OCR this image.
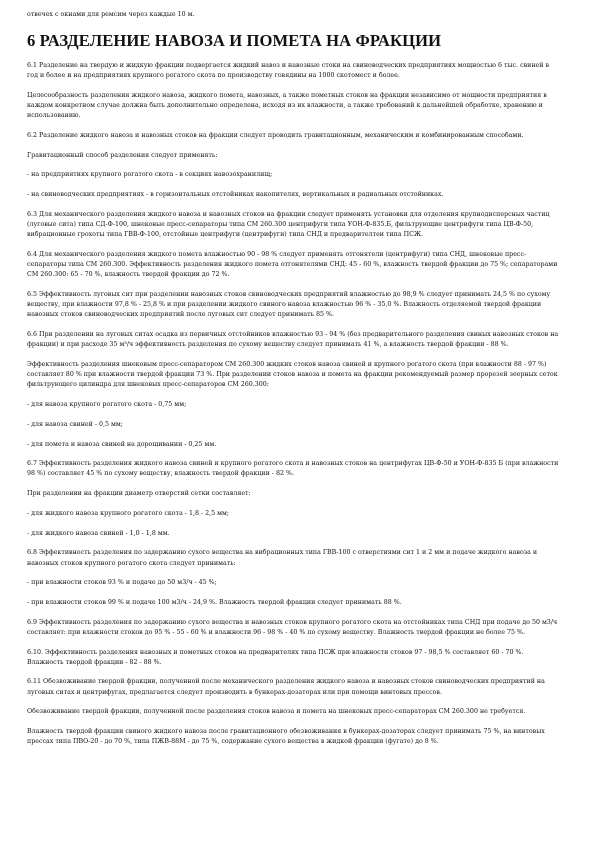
отвечех с окнами для ремсим через каждые 10 м.
6 РАЗДЕЛЕНИЕ НАВОЗА И ПОМЕТА НА ФРАКЦИИ
6.1 Разделение на твердую и жидкую фракции подвергается жидкий навоз и навозные стоки на свиноводческих предприятиях мощностью 6 тыс. свиней в год и более и на предприятиях крупного рогатого скота по производству говядины на 1000 скотомест и более.
Целесообразность разделения жидкого навоза, жидкого помета, навозных, а также пометных стоков на фракции независимо от мощности предприятия в каждом конкретном случае должна быть дополнительно определена, исходя из их влажности, а также требований к дальнейшей обработке, хранению и использованию.
6.2 Разделение жидкого навоза и навозных стоков на фракции следует проводить гравитационным, механическим и комбинированным способами.
Гравитационный способ разделения следует применять:
- на предприятиях крупного рогатого скота - в секциях навозохранилищ;
- на свиноводческих предприятиях - в горизонтальных отстойниках накопителях, вертикальных и радиальных отстойниках.
6.3 Для механического разделения жидкого навоза и навозных стоков на фракции следует применять установки для отделения крупнодисперсных частиц (луговые сита) типа СД-Ф-100, шнековые пресс-сепараторы типа СМ 260.300 центрифуги типа УОН-Ф-835.Б, фильтрующие центрифуги типа ЦВ-Ф-50, вибрационные грохоты типа ГВВ-Ф-100, отстойные центрифуги (центрифуги) типа СНД и предварителтеи типа ПСЖ.
6.4 Для механического разделения жидкого помета влажностью 90 - 98 % следует применять отгонятели (центрифуги) типа СНД, шнековые пресс-сепараторы типа СМ 260.300. Эффективность разделения жидкого помета отгонятелями СНД: 45 - 60 %, влажность твердой фракции до 75 %; сепараторами СМ 260.300: 65 - 70 %, влажность твердой фракции до 72 %.
6.5 Эффективность луговых сит при разделении навозных стоков свиноводческих предприятий влажностью до 98,9 % следует принимать 24,5 % по сухому веществу, при влажности 97,8 % - 25,8 % и при разделении жидкого свиного навоза влажностью 96 % - 35,0 %. Влажность отделяемой твердой фракции навозных стоков свиноводческих предприятий после луговых сит следует принимать 85 %.
6.6 При разделении на луговых ситах осадка из первичных отстойников влажностью 93 - 94 % (без предварительного разделения свиных навозных стоков на фракции) и при расходе 35 м³/ч эффективность разделения по сухому веществу следует принимать 41 %, а влажность твердой фракции - 88 %.
Эффективность разделения шнековым пресс-сепаратором СМ 260.300 жидких стоков навоза свиней и крупного рогатого скота (при влажности 88 - 97 %) составляет 80 % при влажности твердой фракции 73 %. При разделении стоков навоза и помета на фракции рекомендуемый размер прорезей зеерных сеток фильтрующего цилиндра для шнековых пресс-сепараторов СМ 260.300:
- для навоза крупного рогатого скота - 0,75 мм;
- для навоза свиней - 0,5 мм;
- для помета и навоза свиней на дорощивании - 0,25 мм.
6.7 Эффективность разделения жидкого навоза свиней и крупного рогатого скота и навозных стоков на центрифугах ЦВ-Ф-50 и УОН-Ф-835 Б (при влажности 98 %) составляет 45 % по сухому веществу, влажность твердой фракции - 82 %.
При разделении на фракции диаметр отверстий сетки составляет:
- для жидкого навоза крупного рогатого скота - 1,8 - 2,5 мм;
- для жидкого навоза свиней - 1,0 - 1,8 мм.
6.8 Эффективность разделения по задержанию сухого вещества на вибрационных типа ГВВ-100 с отверстиями сит 1 и 2 мм и подаче жидкого навоза и навозных стоков крупного рогатого скота следует принимать:
- при влажности стоков 93 % и подаче до 50 м3/ч - 45 %;
- при влажности стоков 99 % и подаче 100 м3/ч - 24,9 %. Влажность твердой фракции следует принимать 88 %.
6.9 Эффективность разделения по задержанию сухого вещества и навозных стоков крупного рогатого скота на отстойниках типа СНД при подаче до 50 м3/ч составляет: при влажности стоков до 95 % - 55 - 60 % и влажности 96 - 98 % - 40 % по сухому веществу. Влажность твердой фракции не более 75 %.
6.10. Эффективность разделения навозных и пометных стоков на предварителях типа ПСЖ при влажности стоков 97 - 98,5 % составляет 60 - 70 %. Влажность твердой фракции - 82 - 88 %.
6.11 Обезвоживание твердой фракции, полученной после механического разделения жидкого навоза и навозных стоков свиноводческих предприятий на луговых ситах и центрифугах, предлагается следует производить в бункерах-дозаторах или при помощи винтовых прессов.
Обезвоживание твердой фракции, полученной после разделения стоков навоза и помета на шнековых пресс-сепараторах СМ 260.300 не требуется.
Влажность твердой фракции свиного жидкого навоза после гравитационного обезвоживания в бункерах-дозаторах следует принимать 75 %, на винтовых прессах типа ПВО-20 - до 70 %, типа ПЖВ-88М - до 75 %, содержание сухого вещества в жидкой фракции (фугате) до 8 %.
